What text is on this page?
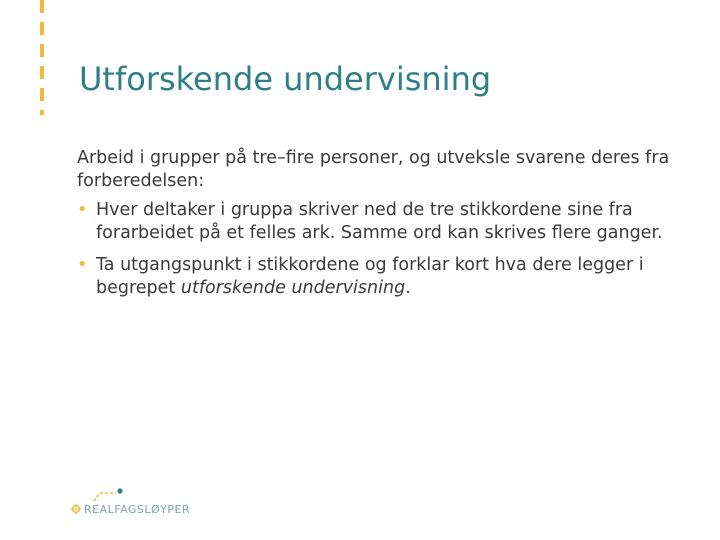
Utforskende undervisning

Arbeid i grupper på tre–fire personer, og utveksle svarene deres fra forberedelsen:

• Hver deltaker i gruppa skriver ned de tre stikkordene sine fra forarbeidet på et felles ark. Samme ord kan skrives flere ganger.
• Ta utgangspunkt i stikkordene og forklar kort hva dere legger i begrepet utforskende undervisning.
REALFAGSLØYPER
